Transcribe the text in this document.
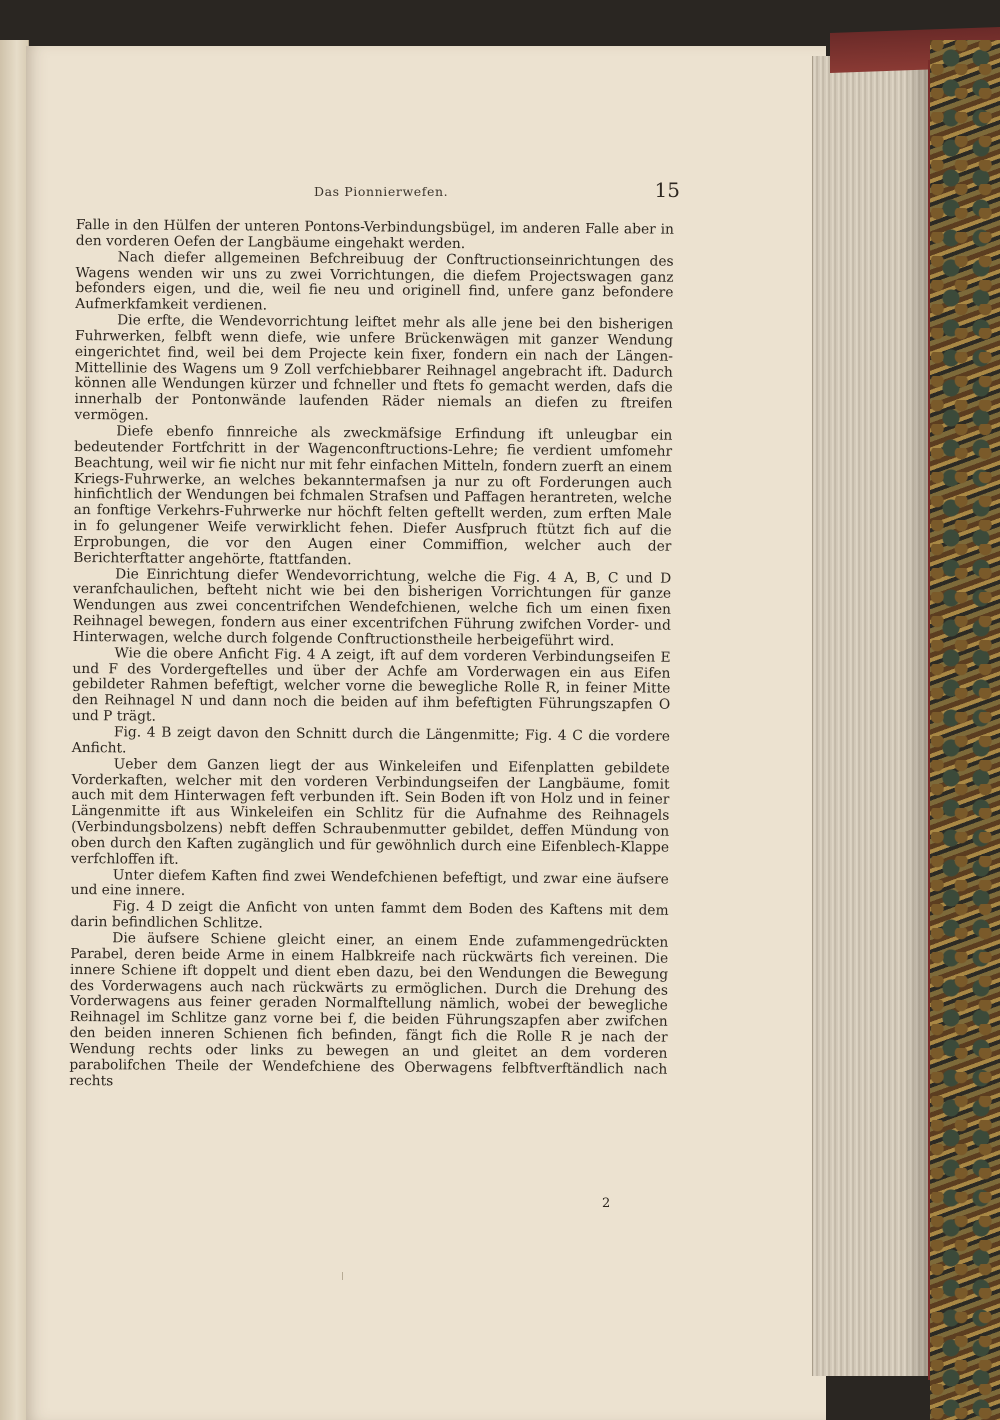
Das Pionnierwefen.	15

Falle in den Hülfen der unteren Pontons-Verbindungsbügel, im anderen Falle aber in den vorderen Oefen der Langbäume eingehakt werden.

Nach diefer allgemeinen Befchreibuug der Conftructionseinrichtungen des Wagens wenden wir uns zu zwei Vorrichtungen, die diefem Projectswagen ganz befonders eigen, und die, weil fie neu und originell find, unfere ganz befondere Aufmerkfamkeit verdienen.

Die erfte, die Wendevorrichtung leiftet mehr als alle jene bei den bisherigen Fuhrwerken, felbft wenn diefe, wie unfere Brückenwägen mit ganzer Wendung eingerichtet find, weil bei dem Projecte kein fixer, fondern ein nach der Längen-Mittellinie des Wagens um 9 Zoll verfchiebbarer Reihnagel angebracht ift. Dadurch können alle Wendungen kürzer und fchneller und ftets fo gemacht werden, dafs die innerhalb der Pontonwände laufenden Räder niemals an diefen zu ftreifen vermögen.

Diefe ebenfo finnreiche als zweckmäfsige Erfindung ift unleugbar ein bedeutender Fortfchritt in der Wagenconftructions-Lehre; fie verdient umfomehr Beachtung, weil wir fie nicht nur mit fehr einfachen Mitteln, fondern zuerft an einem Kriegs-Fuhrwerke, an welches bekanntermafsen ja nur zu oft Forderungen auch hinfichtlich der Wendungen bei fchmalen Strafsen und Paffagen herantreten, welche an fonftige Verkehrs-Fuhrwerke nur höchft felten geftellt werden, zum erften Male in fo gelungener Weife verwirklicht fehen. Diefer Ausfpruch ftützt fich auf die Erprobungen, die vor den Augen einer Commiffion, welcher auch der Berichterftatter angehörte, ftattfanden.

Die Einrichtung diefer Wendevorrichtung, welche die Fig. 4 A, B, C und D veranfchaulichen, befteht nicht wie bei den bisherigen Vorrichtungen für ganze Wendungen aus zwei concentrifchen Wendefchienen, welche fich um einen fixen Reihnagel bewegen, fondern aus einer excentrifchen Führung zwifchen Vorder- und Hinterwagen, welche durch folgende Conftructionstheile herbeigeführt wird.

Wie die obere Anficht Fig. 4 A zeigt, ift auf dem vorderen Verbindungseifen E und F des Vordergeftelles und über der Achfe am Vorderwagen ein aus Eifen gebildeter Rahmen befeftigt, welcher vorne die bewegliche Rolle R, in feiner Mitte den Reihnagel N und dann noch die beiden auf ihm befeftigten Führungszapfen O und P trägt.

Fig. 4 B zeigt davon den Schnitt durch die Längenmitte; Fig. 4 C die vordere Anficht.

Ueber dem Ganzen liegt der aus Winkeleifen und Eifenplatten gebildete Vorderkaften, welcher mit den vorderen Verbindungseifen der Langbäume, fomit auch mit dem Hinterwagen feft verbunden ift. Sein Boden ift von Holz und in feiner Längenmitte ift aus Winkeleifen ein Schlitz für die Aufnahme des Reihnagels (Verbindungsbolzens) nebft deffen Schraubenmutter gebildet, deffen Mündung von oben durch den Kaften zugänglich und für gewöhnlich durch eine Eifenblech-Klappe verfchloffen ift.

Unter diefem Kaften find zwei Wendefchienen befeftigt, und zwar eine äufsere und eine innere.

Fig. 4 D zeigt die Anficht von unten fammt dem Boden des Kaftens mit dem darin befindlichen Schlitze.

Die äufsere Schiene gleicht einer, an einem Ende zufammengedrückten Parabel, deren beide Arme in einem Halbkreife nach rückwärts fich vereinen. Die innere Schiene ift doppelt und dient eben dazu, bei den Wendungen die Bewegung des Vorderwagens auch nach rückwärts zu ermöglichen. Durch die Drehung des Vorderwagens aus feiner geraden Normalftellung nämlich, wobei der bewegliche Reihnagel im Schlitze ganz vorne bei f, die beiden Führungszapfen aber zwifchen den beiden inneren Schienen fich befinden, fängt fich die Rolle R je nach der Wendung rechts oder links zu bewegen an und gleitet an dem vorderen parabolifchen Theile der Wendefchiene des Oberwagens felbftverftändlich nach rechts

2
